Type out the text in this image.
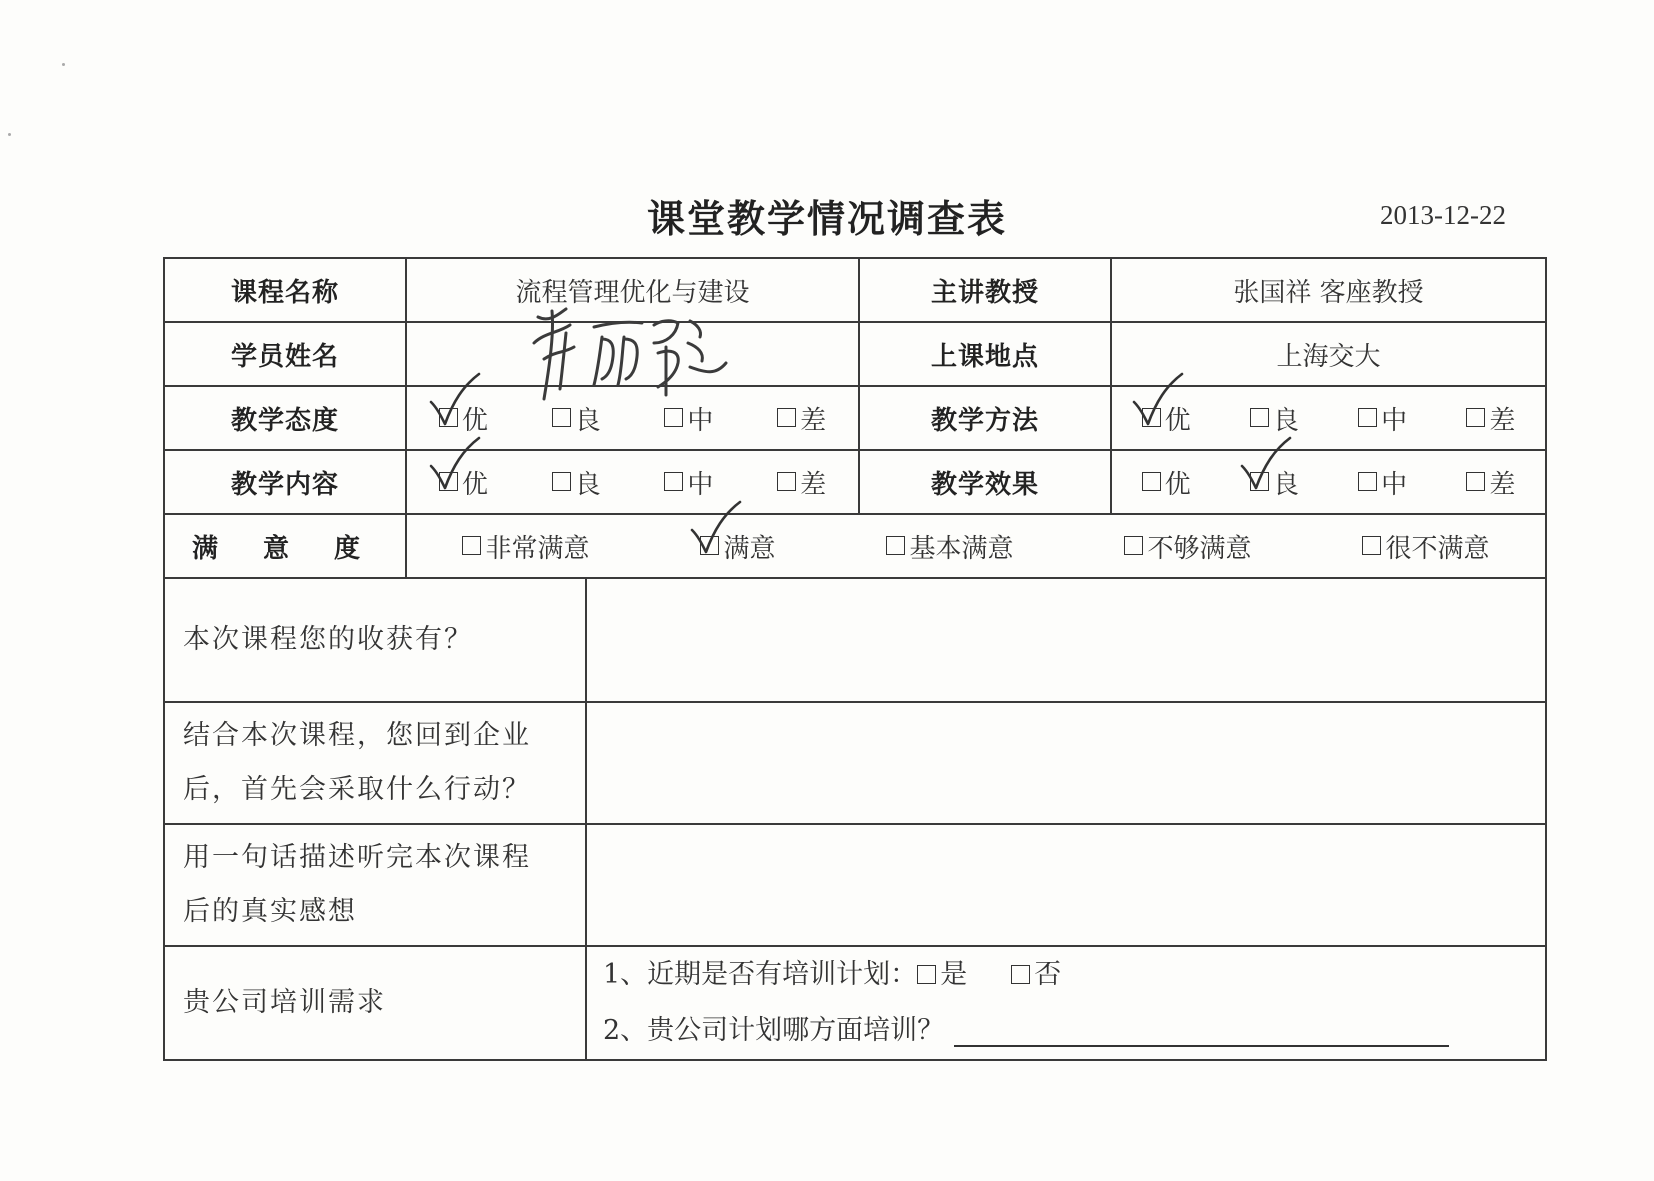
课堂教学情况调查表	2013-12-22
课程名称	流程管理优化与建设		主讲教授	张国祥 客座教授
学员姓名			上课地点	上海交大
教学态度	优 良 中 差		教学方法	优 良 中 差

教学内容	优 良 中 差		教学效果	优 良 中 差

满 意 度	非常满意 满意 基本满意 不够满意 很不满意			

本次课程您的收获有？				

结合本次课程，您回到企业
后，首先会采取什么行动？				

用一句话描述听完本次课程
后的真实感想				

贵公司培训需求		1、近期是否有培训计划： 是 否
2、贵公司计划哪方面培训？		
